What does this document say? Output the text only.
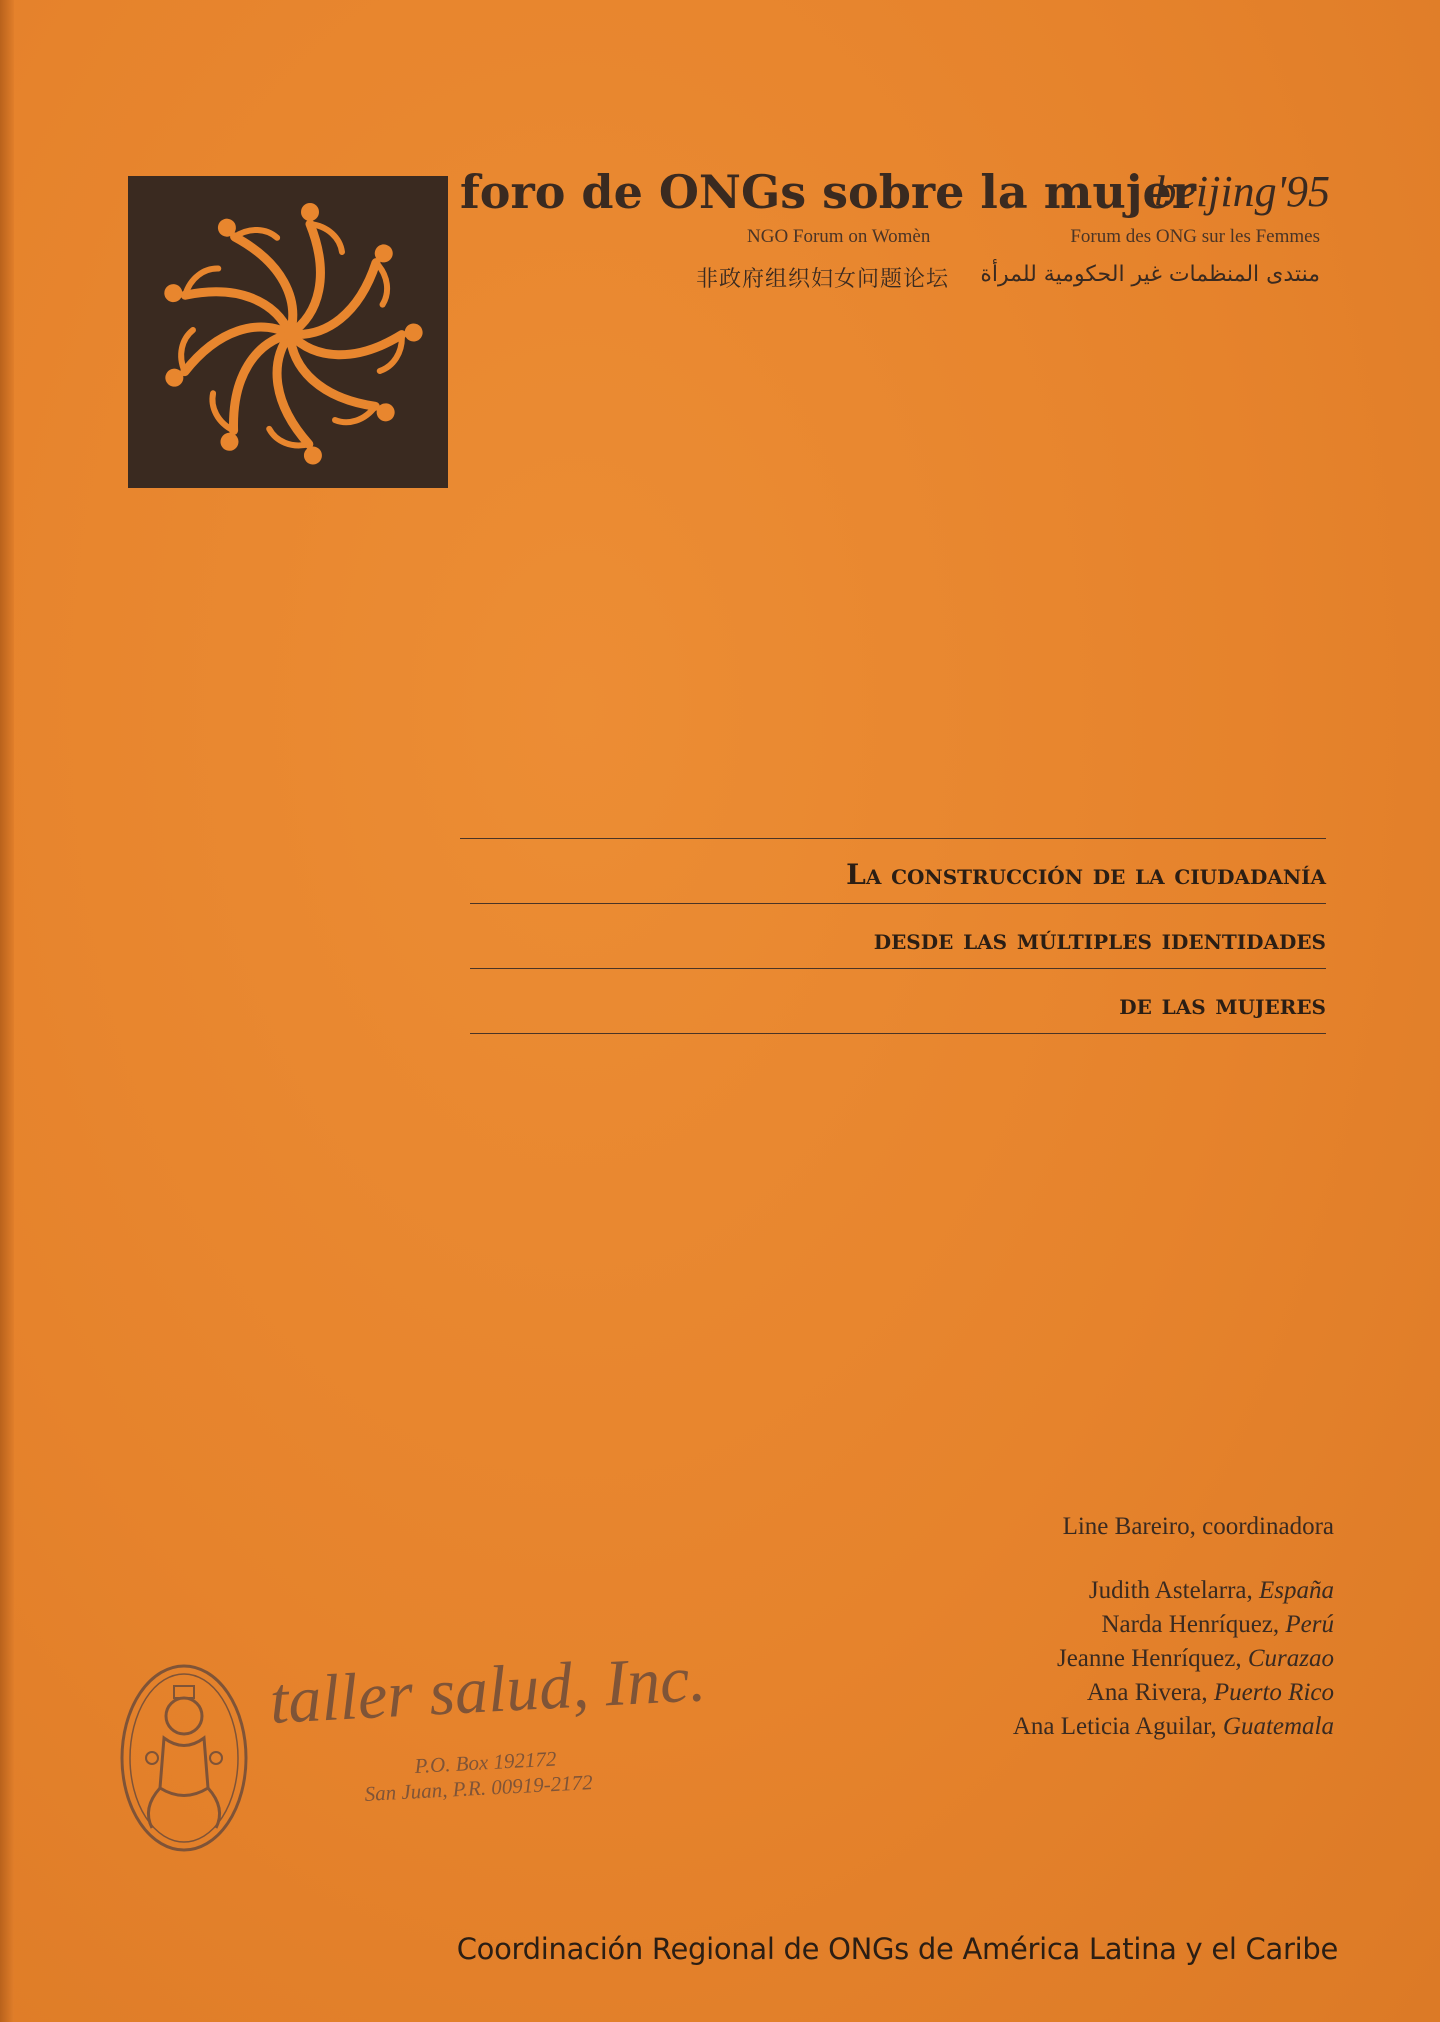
foro de ONGs sobre la mujer
beijing'95
NGO Forum on Womèn	Forum des ONG sur les Femmes
非政府组织妇女问题论坛 منتدى المنظمات غير الحكومية للمرأة
La construcción de la ciudadanía
desde las múltiples identidades
de las mujeres
Line Bareiro, coordinadora
Judith Astelarra, España
Narda Henríquez, Perú
Jeanne Henríquez, Curazao
Ana Rivera, Puerto Rico
Ana Leticia Aguilar, Guatemala
taller salud, Inc.
P.O. Box 192172
San Juan, P.R. 00919-2172
Coordinación Regional de ONGs de América Latina y el Caribe
